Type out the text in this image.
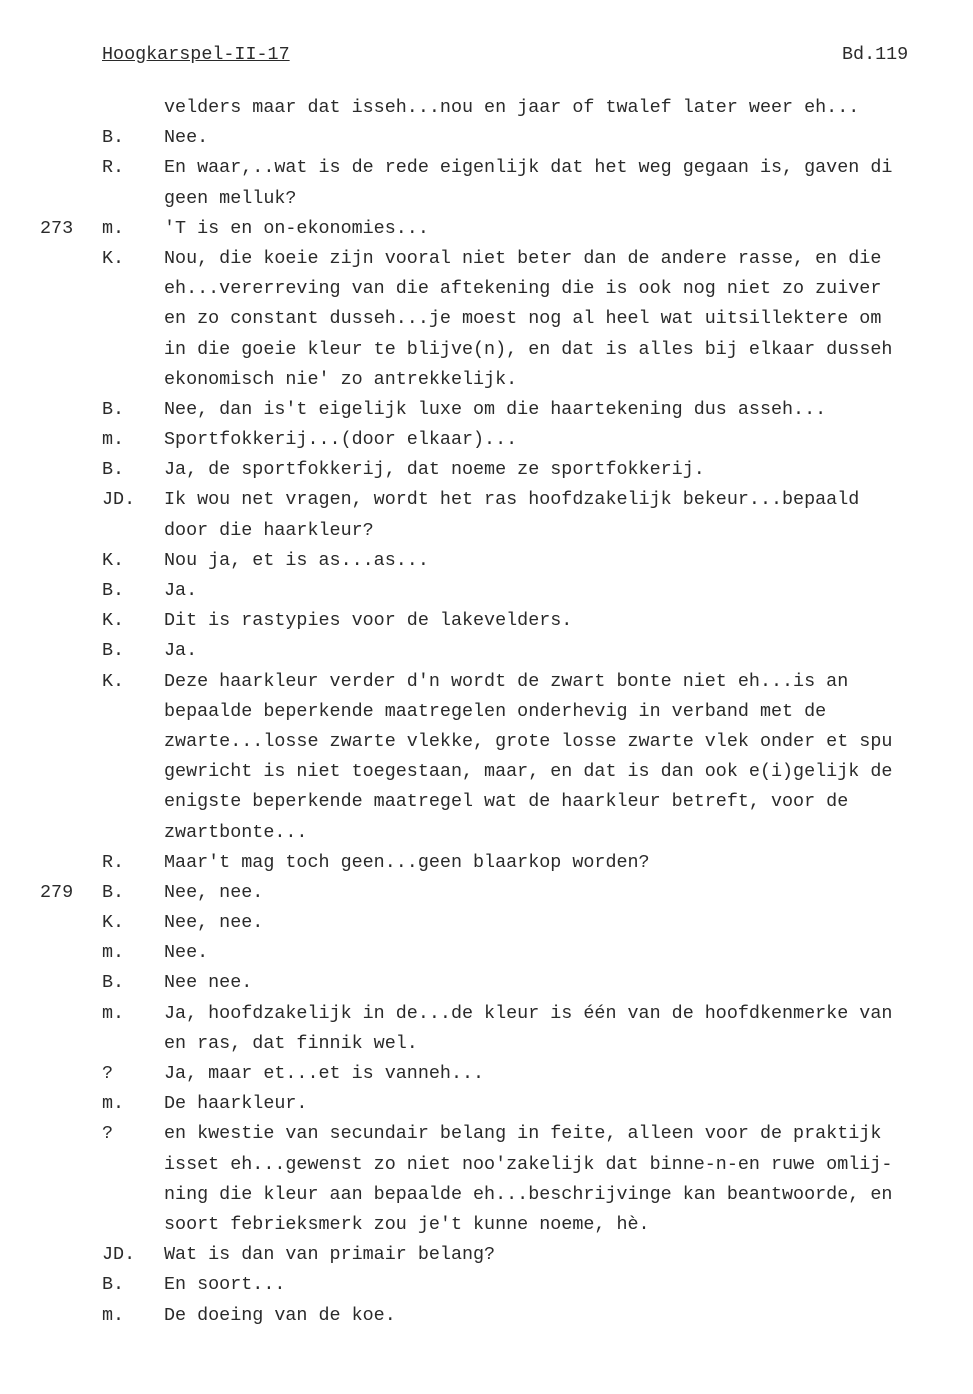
Hoogkarspel-II-17	Bd.119
velders maar dat isseh...nou en jaar of twalef later weer eh...
B. Nee.
R. En waar,..wat is de rede eigenlijk dat het weg gegaan is, gaven di
geen melluk?
273 m. 'T is en on-ekonomies...
K. Nou, die koeie zijn vooral niet beter dan de andere rasse, en die
eh...vererreving van die aftekening die is ook nog niet zo zuiver
en zo constant dusseh...je moest nog al heel wat uitsillektere om
in die goeie kleur te blijve(n), en dat is alles bij elkaar dusseh
ekonomisch nie' zo antrekkelijk.
B. Nee, dan is't eigelijk luxe om die haartekening dus asseh...
m. Sportfokkerij...(door elkaar)...
B. Ja, de sportfokkerij, dat noeme ze sportfokkerij.
JD. Ik wou net vragen, wordt het ras hoofdzakelijk bekeur...bepaald
door die haarkleur?
K. Nou ja, et is as...as...
B. Ja.
K. Dit is rastypies voor de lakevelders.
B. Ja.
K. Deze haarkleur verder d'n wordt de zwart bonte niet eh...is an
bepaalde beperkende maatregelen onderhevig in verband met de
zwarte...losse zwarte vlekke, grote losse zwarte vlek onder et spu
gewricht is niet toegestaan, maar, en dat is dan ook e(i)gelijk de
enigste beperkende maatregel wat de haarkleur betreft, voor de
zwartbonte...
R. Maar't mag toch geen...geen blaarkop worden?
279 B. Nee, nee.
K. Nee, nee.
m. Nee.
B. Nee nee.
m. Ja, hoofdzakelijk in de...de kleur is één van de hoofdkenmerke van
en ras, dat finnik wel.
?	Ja, maar et...et is vanneh...
m. De haarkleur.
?	en kwestie van secundair belang in feite, alleen voor de praktijk
isset eh...gewenst zo niet noo'zakelijk dat binne-n-en ruwe omlij-
ning die kleur aan bepaalde eh...beschrijvinge kan beantwoorde, en
soort febrieksmerk zou je't kunne noeme, hè.
JD. Wat is dan van primair belang?
B. En soort...
m. De doeing van de koe.
